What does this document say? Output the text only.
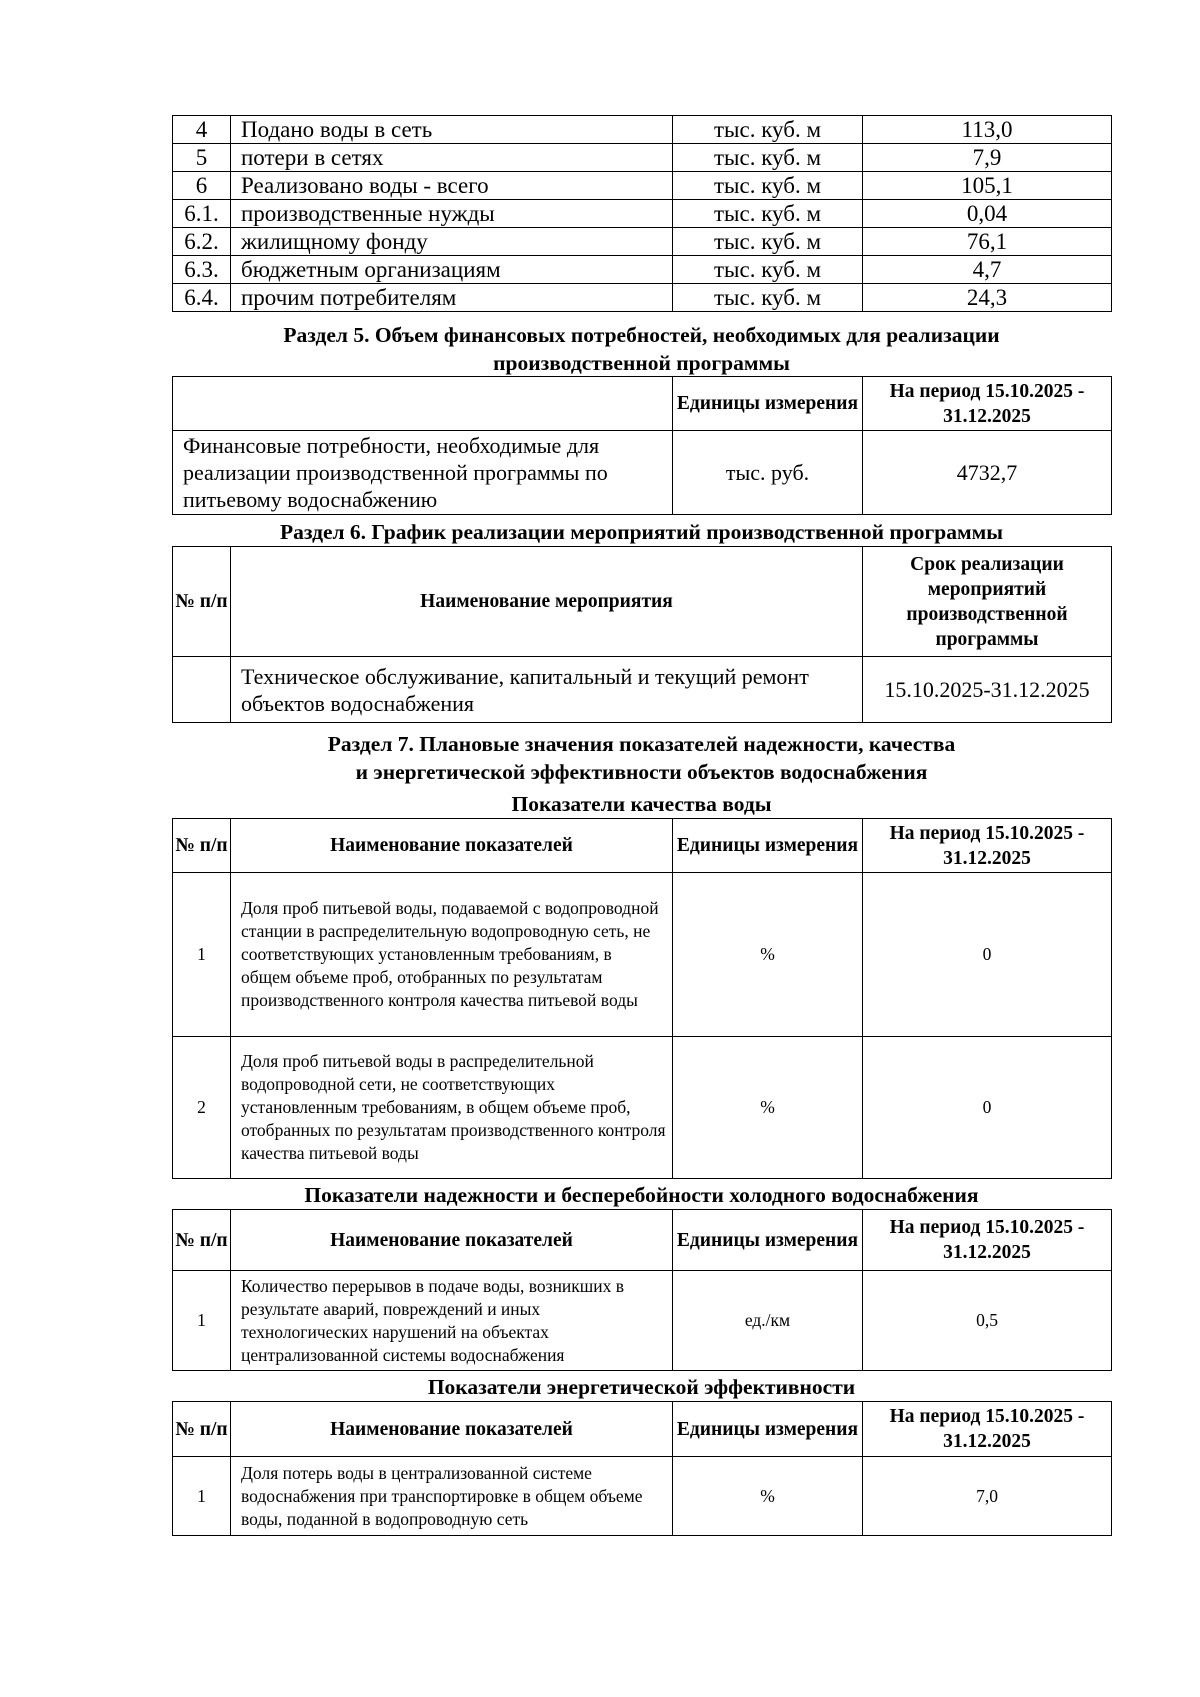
4	Подано воды в сеть	тыс. куб. м	113,0
5	потери в сетях	тыс. куб. м	7,9
6	Реализовано воды - всего	тыс. куб. м	105,1
6.1.	производственные нужды	тыс. куб. м	0,04
6.2.	жилищному фонду	тыс. куб. м	76,1
6.3.	бюджетным организациям	тыс. куб. м	4,7
6.4.	прочим потребителям	тыс. куб. м	24,3
Раздел 5. Объем финансовых потребностей, необходимых для реализации
производственной программы
	Единицы измерения	На период 15.10.2025 - 31.12.2025
Финансовые потребности, необходимые для реализации производственной программы по питьевому водоснабжению	тыс. руб.	4732,7
Раздел 6. График реализации мероприятий производственной программы
№ п/п	Наименование мероприятия	Срок реализации мероприятий производственной программы
	Техническое обслуживание, капитальный и текущий ремонт объектов водоснабжения	15.10.2025-31.12.2025
Раздел 7. Плановые значения показателей надежности, качества
и энергетической эффективности объектов водоснабжения
Показатели качества воды
№ п/п	Наименование показателей	Единицы измерения	На период 15.10.2025 - 31.12.2025
1	Доля проб питьевой воды, подаваемой с водопроводной станции в распределительную водопроводную сеть, не соответствующих установленным требованиям, в общем объеме проб, отобранных по результатам производственного контроля качества питьевой воды	%	0
2	Доля проб питьевой воды в распределительной водопроводной сети, не соответствующих установленным требованиям, в общем объеме проб, отобранных по результатам производственного контроля качества питьевой воды	%	0
Показатели надежности и бесперебойности холодного водоснабжения
№ п/п	Наименование показателей	Единицы измерения	На период 15.10.2025 - 31.12.2025
1	Количество перерывов в подаче воды, возникших в результате аварий, повреждений и иных технологических нарушений на объектах централизованной системы водоснабжения	ед./км	0,5
Показатели энергетической эффективности
№ п/п	Наименование показателей	Единицы измерения	На период 15.10.2025 - 31.12.2025
1	Доля потерь воды в централизованной системе водоснабжения при транспортировке в общем объеме воды, поданной в водопроводную сеть	%	7,0
